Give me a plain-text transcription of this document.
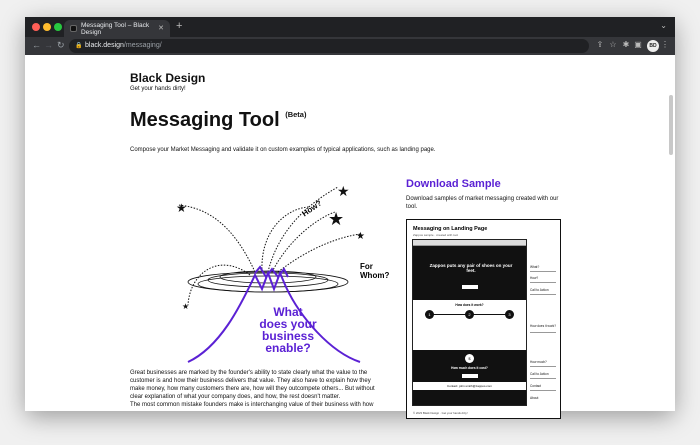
Messaging Tool – Black Design	✕ +	⌄
← → ↻ 🔒 black.design/messaging/	⇪ ☆ ✱ ▣	BD ⋮
Black Design
Get your hands dirty!
Messaging Tool $^{(Beta)}$
Compose your Market Messaging and validate it on custom examples of typical applications, such as landing page.
★
★
★
★
★
How?
For
Whom?
What
does your
business
enable?
Download Sample
Download samples of market messaging created with our tool.
Messaging on Landing Page
Zappos sample · created with tool
Zappos puts any pair of shoes on your feet.
How does it work?
1	2	3
$
How much does it cost?
Contact: john.smith@zappos.com
What?
How?
Call to Action
How does it work?
How much?
Call to Action
Contact
About
© 2023 Black Design · Get your hands dirty!
Great businesses are marked by the founder's ability to state clearly what the value to the
customer is and how their business delivers that value. They also have to explain how they
make money, how many customers there are, how will they outcompete others... But without
clear explanation of what your company does, and how, the rest doesn't matter.
The most common mistake founders make is interchanging value of their business with how
